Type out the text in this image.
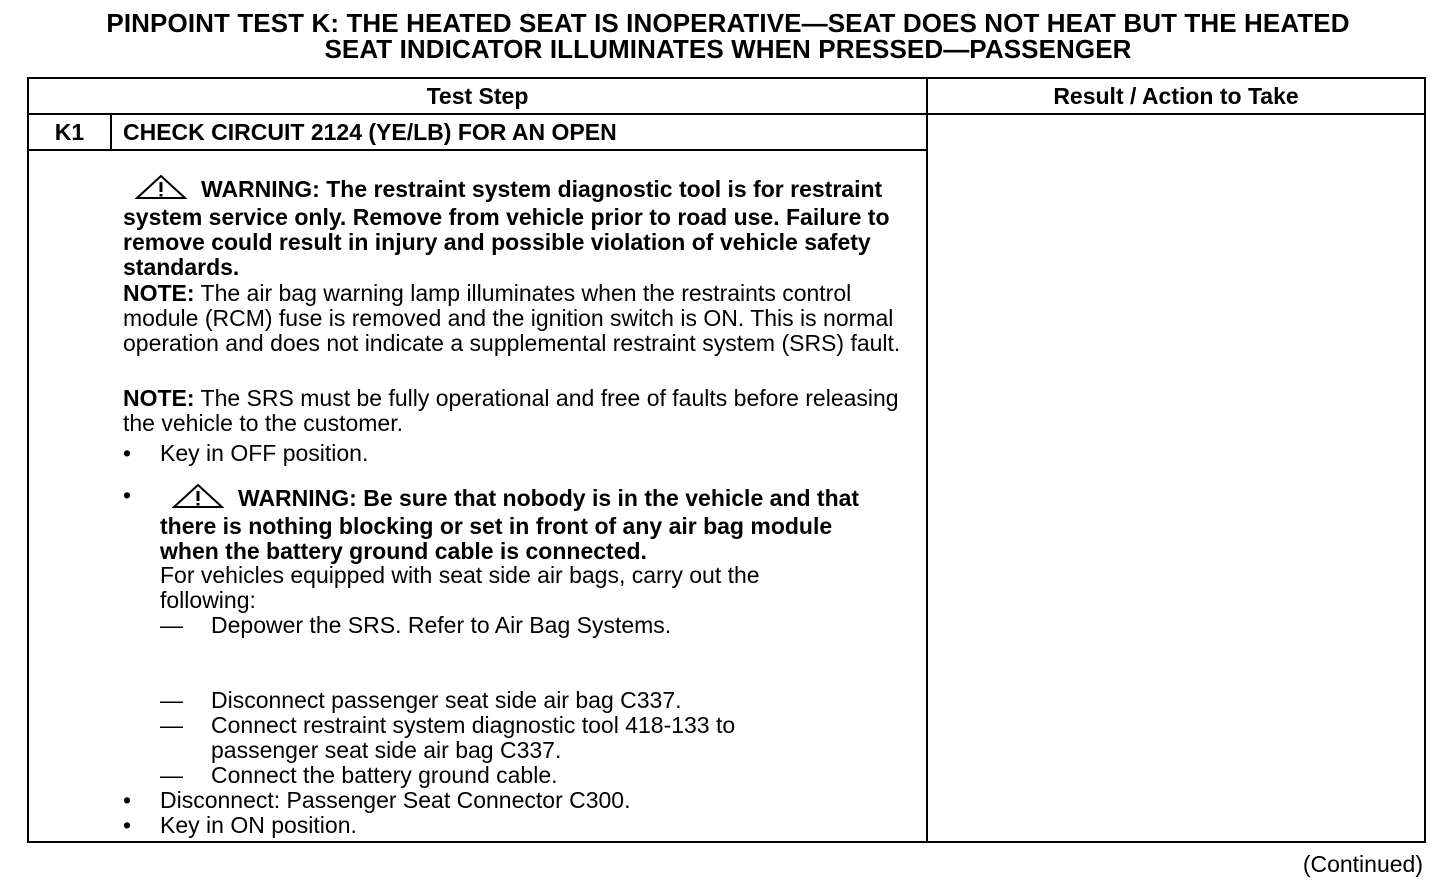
PINPOINT TEST K: THE HEATED SEAT IS INOPERATIVE—SEAT DOES NOT HEAT BUT THE HEATED
SEAT INDICATOR ILLUMINATES WHEN PRESSED—PASSENGER
Test Step	Result / Action to Take
K1	CHECK CIRCUIT 2124 (YE/LB) FOR AN OPEN
WARNING: The restraint system diagnostic tool is for restraint system service only. Remove from vehicle prior to road use. Failure to remove could result in injury and possible violation of vehicle safety standards.
NOTE: The air bag warning lamp illuminates when the restraints control module (RCM) fuse is removed and the ignition switch is ON. This is normal operation and does not indicate a supplemental restraint system (SRS) fault.
NOTE: The SRS must be fully operational and free of faults before releasing the vehicle to the customer.
• Key in OFF position.
•	WARNING: Be sure that nobody is in the vehicle and that there is nothing blocking or set in front of any air bag module when the battery ground cable is connected.
For vehicles equipped with seat side air bags, carry out the following:
— Depower the SRS. Refer to Air Bag Systems.
— Disconnect passenger seat side air bag C337.
— Connect restraint system diagnostic tool 418-133 to passenger seat side air bag C337.
— Connect the battery ground cable.
• Disconnect: Passenger Seat Connector C300.
• Key in ON position.
(Continued)
